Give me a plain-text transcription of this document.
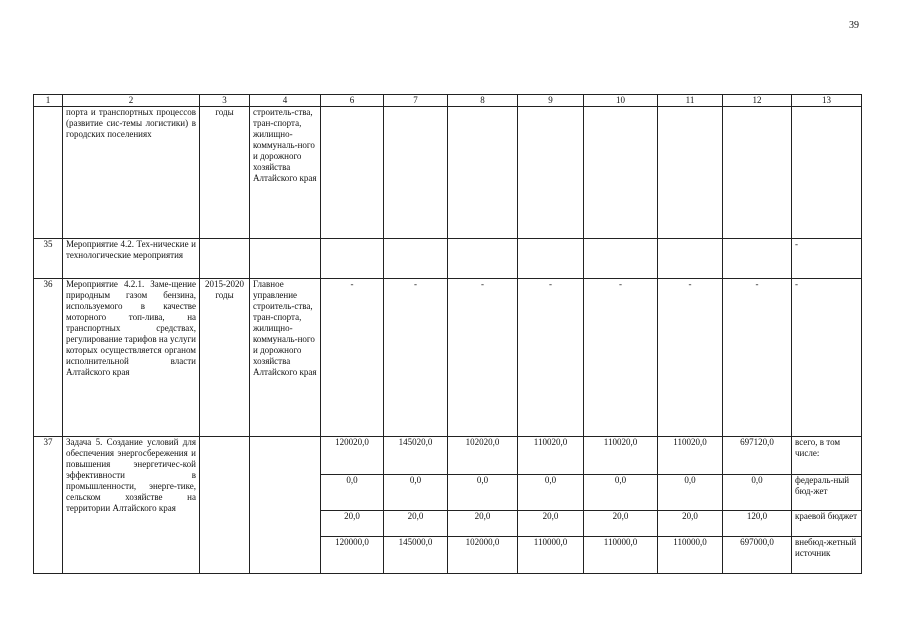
39
1	2	3	4	6	7	8	9	10	11	12	13
	порта и транспортных процессов (развитие сис-темы логистики) в городских поселениях	годы	строитель-ства, тран-спорта, жилищно-коммуналь-ного и дорожного хозяйства Алтайского края								
35	Мероприятие 4.2. Тех-нические и технологические мероприятия										-
36	Мероприятие 4.2.1. Заме-щение природным газом бензина, используемого в качестве моторного топ-лива, на транспортных средствах, регулирование тарифов на услуги которых осуществляется органом исполнительной власти Алтайского края	2015-2020 годы	Главное управление строитель-ства, тран-спорта, жилищно-коммуналь-ного и дорожного хозяйства Алтайского края	-	-	-	-	-	-	-	-
37	Задача 5. Создание условий для обеспечения энергосбережения и повышения энергетичес-кой эффективности в промышленности, энерге-тике, сельском хозяйстве на территории Алтайского края			120020,0	145020,0	102020,0	110020,0	110020,0	110020,0	697120,0	всего, в том числе:
				0,0	0,0	0,0	0,0	0,0	0,0	0,0	федераль-ный бюд-жет
				20,0	20,0	20,0	20,0	20,0	20,0	120,0	краевой бюджет
				120000,0	145000,0	102000,0	110000,0	110000,0	110000,0	697000,0	внебюд-жетный источник
